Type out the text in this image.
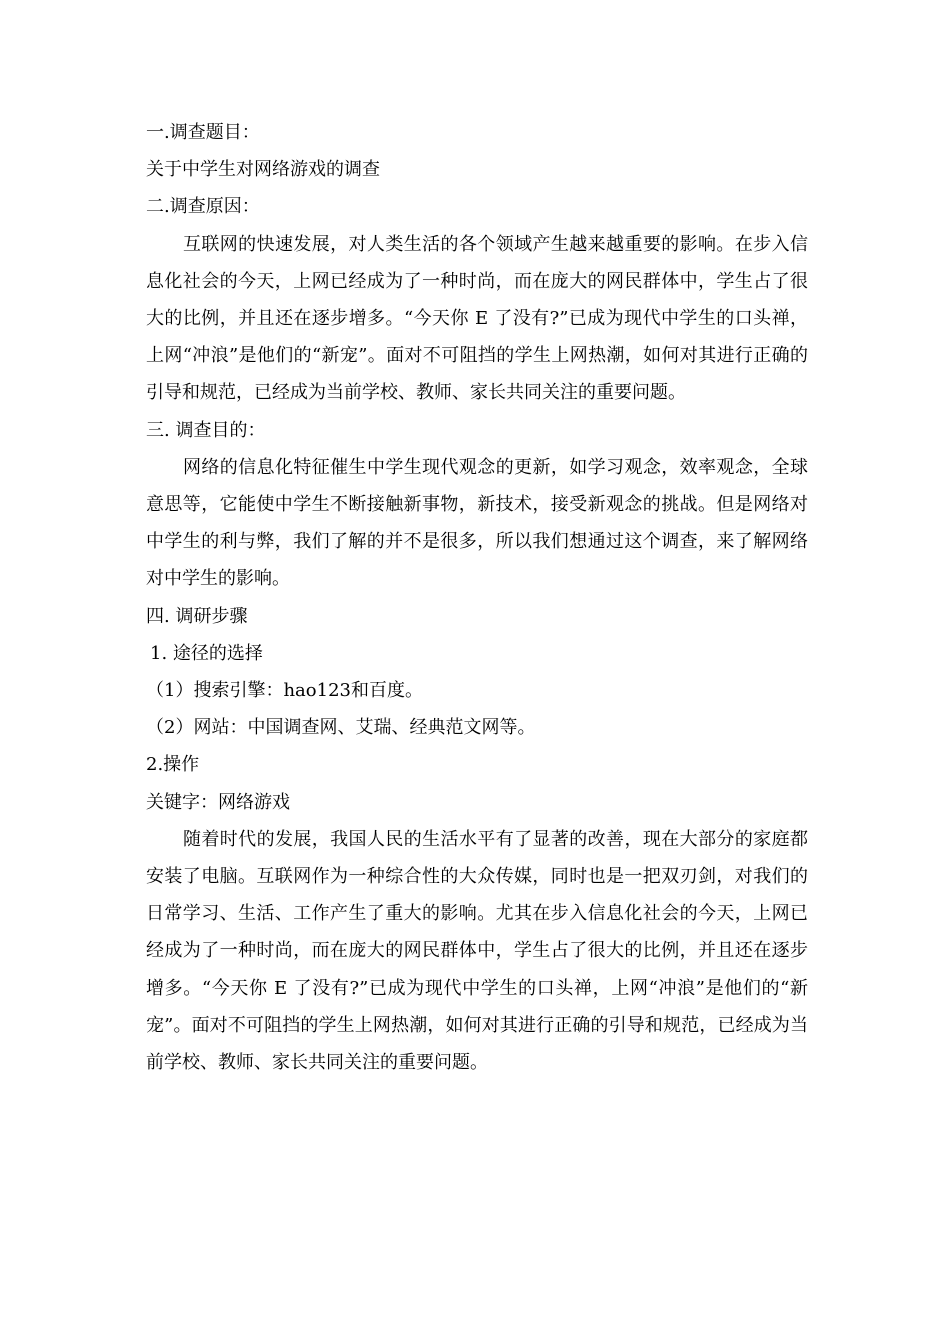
一.调查题目：

关于中学生对网络游戏的调查

二.调查原因：

互联网的快速发展，对人类生活的各个领域产生越来越重要的影响。在步入信息化社会的今天，上网已经成为了一种时尚，而在庞大的网民群体中，学生占了很大的比例，并且还在逐步增多。“今天你 E 了没有?”已成为现代中学生的口头禅，上网“冲浪”是他们的“新宠”。面对不可阻挡的学生上网热潮，如何对其进行正确的引导和规范，已经成为当前学校、教师、家长共同关注的重要问题。

三. 调查目的：

网络的信息化特征催生中学生现代观念的更新，如学习观念，效率观念，全球意思等，它能使中学生不断接触新事物，新技术，接受新观念的挑战。但是网络对中学生的利与弊，我们了解的并不是很多，所以我们想通过这个调查，来了解网络对中学生的影响。

四. 调研步骤

1. 途径的选择

（1）搜索引擎：hao123和百度。

（2）网站：中国调查网、艾瑞、经典范文网等。

2.操作

关键字：网络游戏

随着时代的发展，我国人民的生活水平有了显著的改善，现在大部分的家庭都安装了电脑。互联网作为一种综合性的大众传媒，同时也是一把双刃剑，对我们的日常学习、生活、工作产生了重大的影响。尤其在步入信息化社会的今天，上网已经成为了一种时尚，而在庞大的网民群体中，学生占了很大的比例，并且还在逐步增多。“今天你 E 了没有?”已成为现代中学生的口头禅，上网“冲浪”是他们的“新宠”。面对不可阻挡的学生上网热潮，如何对其进行正确的引导和规范，已经成为当前学校、教师、家长共同关注的重要问题。
